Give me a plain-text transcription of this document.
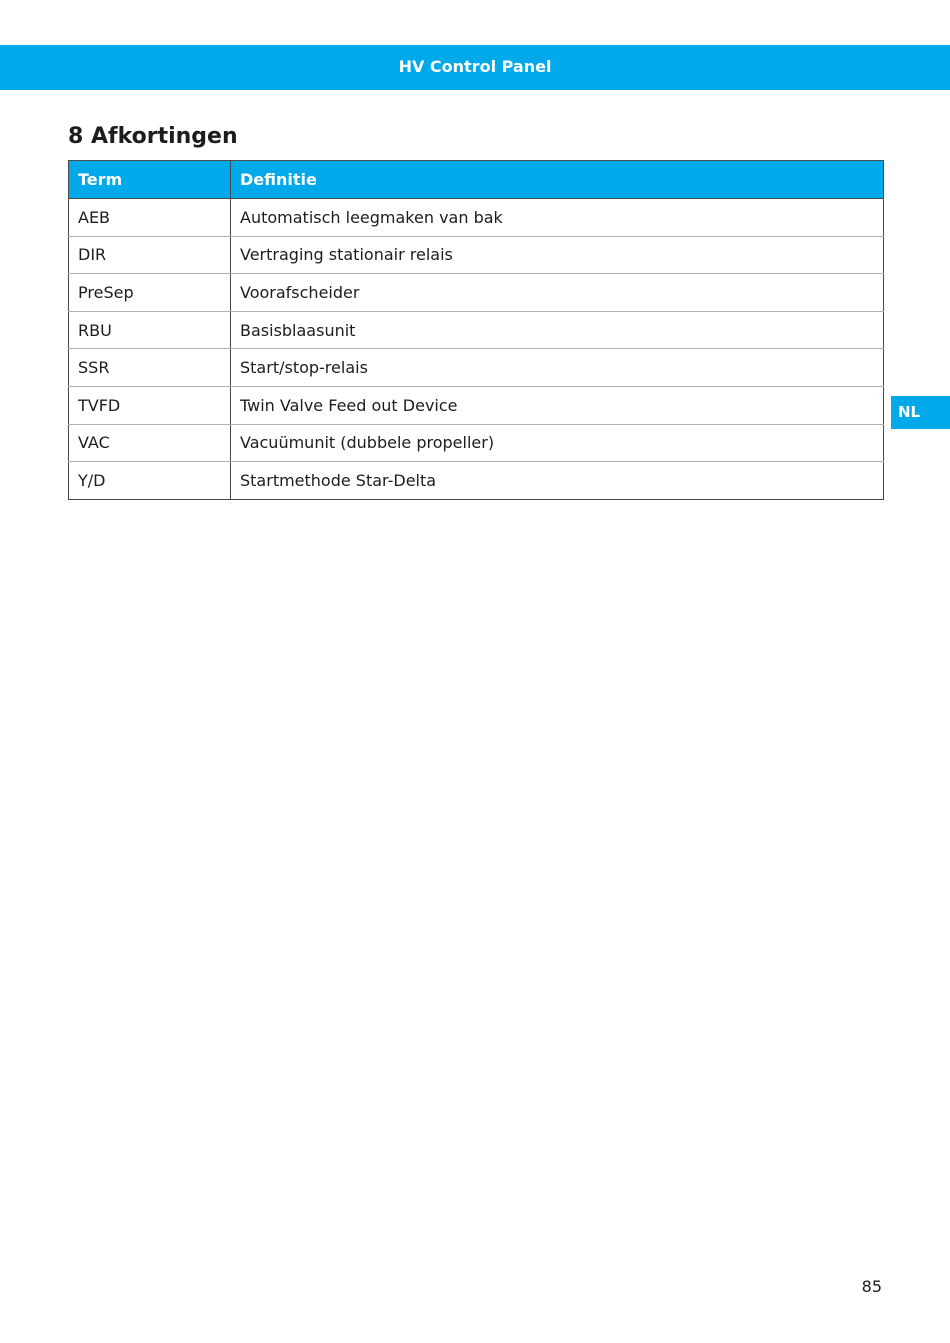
HV Control Panel
8 Afkortingen
Term	Definitie
AEB	Automatisch leegmaken van bak
DIR	Vertraging stationair relais
PreSep	Voorafscheider
RBU	Basisblaasunit
SSR	Start/stop-relais
TVFD	Twin Valve Feed out Device
VAC	Vacuümunit (dubbele propeller)
Y/D	Startmethode Star-Delta
NL
85
